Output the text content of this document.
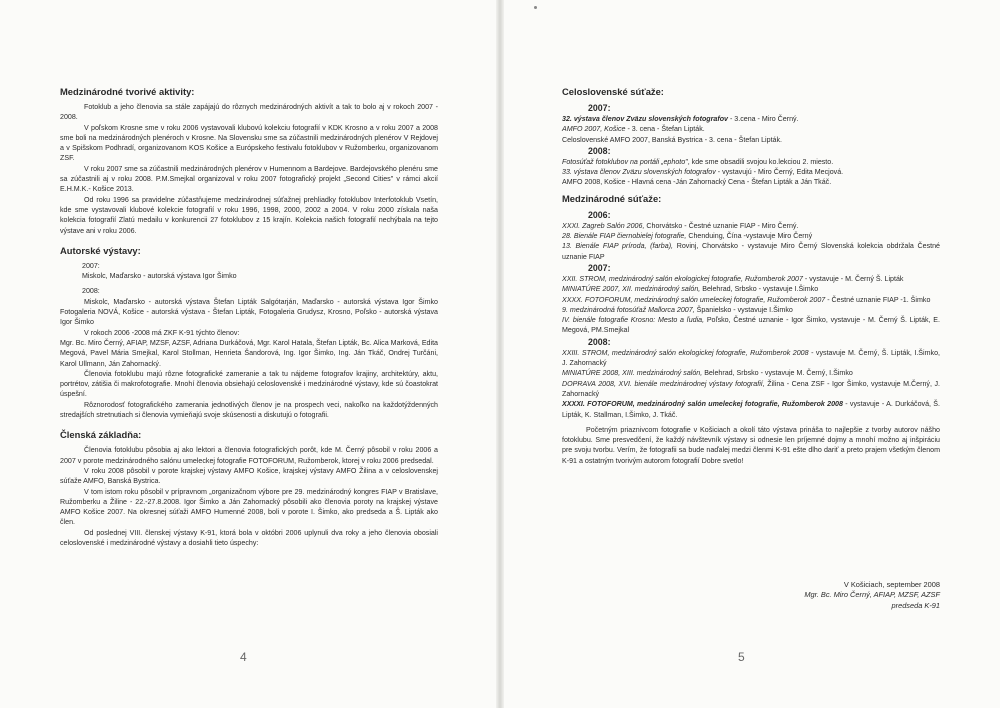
Medzinárodné tvorivé aktivity:

Fotoklub a jeho členovia sa stále zapájajú do rôznych medzinárodných aktivít a tak to bolo aj v rokoch 2007 - 2008.

V poľskom Krosne sme v roku 2006 vystavovali klubovú kolekciu fotografií v KDK Krosno a v roku 2007 a 2008 sme boli na medzinárodných plenéroch v Krosne. Na Slovensku sme sa zúčastnili medzinárodných plenérov V Rejdovej a v Spišskom Podhradí, organizovanom KOS Košice a Európskeho festivalu fotoklubov v Ružomberku, organizovanom ZSF.

V roku 2007 sme sa zúčastnili medzinárodných plenérov v Humennom a Bardejove. Bardejovského plenéru sme sa zúčastnili aj v roku 2008. P.M.Smejkal organizoval v roku 2007 fotografický projekt „Second Cities" v rámci akcií E.H.M.K.- Košice 2013.

Od roku 1996 sa pravidelne zúčastňujeme medzinárodnej súťažnej prehliadky fotoklubov Interfotoklub Vsetín, kde sme vystavovali klubové kolekcie fotografií v roku 1996, 1998, 2000, 2002 a 2004. V roku 2000 získala naša kolekcia fotografií Zlatú medailu v konkurencii 27 fotoklubov z 15 krajín. Kolekcia našich fotografií nechýbala na tejto výstave ani v roku 2006.

Autorské výstavy:

2007:

Miskolc, Maďarsko - autorská výstava Igor Šimko

2008:

Miskolc, Maďarsko - autorská výstava Štefan Lipták Salgótarján, Maďarsko - autorská výstava Igor Šimko Fotogaleria NOVÁ, Košice - autorská výstava - Štefan Lipták, Fotogaleria Grudysz, Krosno, Poľsko - autorská výstava Igor Šimko

V rokoch 2006 -2008 má ZKF K-91 týchto členov:

Mgr. Bc. Miro Černý, AFIAP, MZSF, AZSF, Adriana Durkáčová, Mgr. Karol Hatala, Štefan Lipták, Bc. Alica Marková, Edita Megová, Pavel Mária Smejkal, Karol Stollman, Henrieta Šandorová, Ing. Igor Šimko, Ing. Ján Tkáč, Ondrej Turčáni, Karol Ullmann, Ján Zahornacký.

Členovia fotoklubu majú rôzne fotografické zameranie a tak tu nájdeme fotografov krajiny, architektúry, aktu, portrétov, zátišia či makrofotografie. Mnohí členovia obsiehajú celoslovenské i medzinárodné výstavy, kde sú čoastokrat úspešní.

Rôznorodosť fotografického zamerania jednotlivých členov je na prospech veci, nakoľko na každotýždenných stredajších stretnutiach si členovia vymieňajú svoje skúsenosti a diskutujú o fotografii.

Členská základňa:

Členovia fotoklubu pôsobia aj ako lektori a členovia fotografických porôt, kde M. Černý pôsobil v roku 2006 a 2007 v porote medzinárodného salónu umeleckej fotografie FOTOFORUM, Ružomberok, ktorej v roku 2006 predsedal.

V roku 2008 pôsobil v porote krajskej výstavy AMFO Košice, krajskej výstavy AMFO Žilina a v celoslovenskej súťaže AMFO, Banská Bystrica.

V tom istom roku pôsobil v prípravnom „organizačnom výbore pre 29. medzinárodný kongres FIAP v Bratislave, Ružomberku a Žiline - 22.-27.8.2008. Igor Šimko a Ján Zahornacký pôsobili ako členovia poroty na krajskej výstave AMFO Košice 2007. Na okresnej súťaži AMFO Humenné 2008, boli v porote I. Šimko, ako predseda a Š. Lipták ako člen.

Od poslednej VIII. členskej výstavy K-91, ktorá bola v októbri 2006 uplynuli dva roky a jeho členovia obosiali celoslovenské i medzinárodné výstavy a dosiahli tieto úspechy:

4
Celoslovenské súťaže:

2007:

32. výstava členov Zväzu slovenských fotografov - 3.cena - Miro Černý.

AMFO 2007, Košice - 3. cena - Štefan Lipták.

Celoslovenské AMFO 2007, Banská Bystrica - 3. cena - Štefan Lipták.

2008:

Fotosúťaž fotoklubov na portáli „ephoto", kde sme obsadili svojou ko.lekciou 2. miesto.

33. výstava členov Zväzu slovenských fotografov - vystavujú - Miro Černý, Edita Mecjová.

AMFO 2008, Košice - Hlavná cena -Ján Zahornacký Cena - Štefan Lipták a Ján Tkáč.

Medzinárodné súťaže:

2006:

XXXI. Zagreb Salón 2006, Chorvátsko - Čestné uznanie FIAP - Miro Černý.

28. Bienále FIAP čiernobielej fotografie, Chenduing, Čína -vystavuje Miro Černý

13. Bienále FIAP príroda, (farba), Rovinj, Chorvátsko - vystavuje Miro Černý Slovenská kolekcia obdržala Čestné uznanie FIAP

2007:

XXII. STROM, medzinárodný salón ekologickej fotografie, Ružomberok 2007 - vystavuje - M. Černý Š. Lipták

MINIATÚRE 2007, XII. medzinárodný salón, Belehrad, Srbsko - vystavuje I.Šimko

XXXX. FOTOFORUM, medzinárodný salón umeleckej fotografie, Ružomberok 2007 - Čestné uznanie FIAP -1. Šimko

9. medzinárodná fotosúťaž Mallorca 2007, Španielsko - vystavuje I.Šimko

IV. bienále fotografie Krosno: Mesto a ľudia, Poľsko, Čestné uznanie - Igor Šimko, vystavuje - M. Černý Š. Lipták, E. Megová, PM.Smejkal

2008:

XXIII. STROM, medzinárodný salón ekologickej fotografie, Ružomberok 2008 - vystavuje M. Černý, Š. Lipták, I.Šimko, J. Zahornacký

MINIATÚRE 2008, XIII. medzinárodný salón, Belehrad, Srbsko - vystavuje M. Černý, I.Šimko

DOPRAVA 2008, XVI. bienále medzinárodnej výstavy fotografií, Žilina - Cena ZSF - Igor Šimko, vystavuje M.Černý, J. Zahornacký

XXXXI. FOTOFORUM, medzinárodný salón umeleckej fotografie, Ružomberok 2008 - vystavuje - A. Durkáčová, Š. Lipták, K. Stallman, I.Šimko, J. Tkáč.

Početným priaznivcom fotografie v Košiciach a okolí táto výstava prináša to najlepšie z tvorby autorov nášho fotoklubu. Sme presvedčení, že každý návštevník výstavy si odnesie len príjemné dojmy a mnohí možno aj inšpiráciu pre svoju tvorbu. Verím, že fotografii sa bude naďalej medzi členmi K-91 ešte dlho dariť a preto prajem všetkým členom K-91 a ostatným tvorivým autorom fotografií Dobre svetlo!

V Košiciach, september 2008
Mgr. Bc. Miro Černý, AFIAP, MZSF, AZSF
predseda K-91
5
